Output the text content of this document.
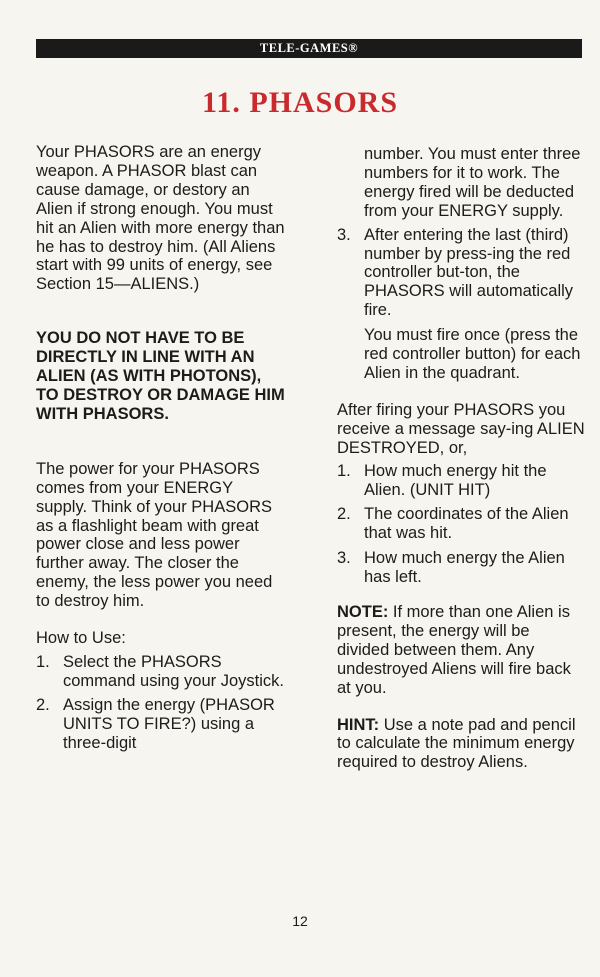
TELE-GAMES®
11. PHASORS

Your PHASORS are an energy weapon. A PHASOR blast can cause damage, or destory an Alien if strong enough. You must hit an Alien with more energy than he has to destroy him. (All Aliens start with 99 units of energy, see Section 15—ALIENS.)

YOU DO NOT HAVE TO BE DIRECTLY IN LINE WITH AN ALIEN (AS WITH PHOTONS), TO DESTROY OR DAMAGE HIM WITH PHASORS.

The power for your PHASORS comes from your ENERGY supply. Think of your PHASORS as a flashlight beam with great power close and less power further away. The closer the enemy, the less power you need to destroy him.

How to Use:

1. Select the PHASORS command using your Joystick.
2. Assign the energy (PHASOR UNITS TO FIRE?) using a three-digit

number. You must enter three numbers for it to work. The energy fired will be deducted from your ENERGY supply.

3. After entering the last (third) number by press-ing the red controller but-ton, the PHASORS will automatically fire.

You must fire once (press the red controller button) for each Alien in the quadrant.

After firing your PHASORS you receive a message say-ing ALIEN DESTROYED, or,

1. How much energy hit the Alien. (UNIT HIT)
2. The coordinates of the Alien that was hit.
3. How much energy the Alien has left.

NOTE: If more than one Alien is present, the energy will be divided between them. Any undestroyed Aliens will fire back at you.

HINT: Use a note pad and pencil to calculate the minimum energy required to destroy Aliens.

12
